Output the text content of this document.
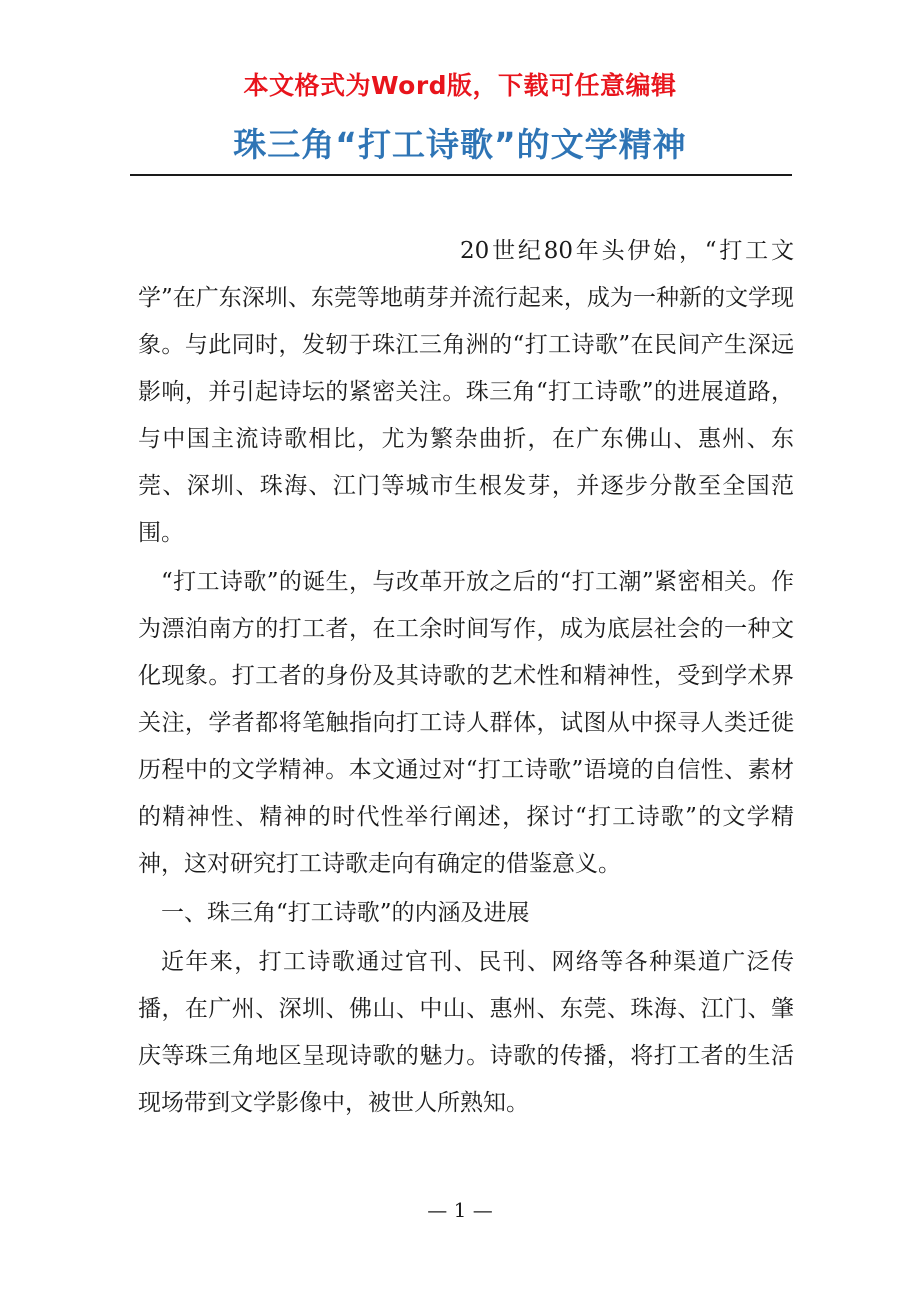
本文格式为Word版，下载可任意编辑
珠三角“打工诗歌”的文学精神

20世纪80年头伊始，“打工文学”在广东深圳、东莞等地萌芽并流行起来，成为一种新的文学现象。与此同时，发轫于珠江三角洲的“打工诗歌”在民间产生深远影响，并引起诗坛的紧密关注。珠三角“打工诗歌”的进展道路，与中国主流诗歌相比，尤为繁杂曲折，在广东佛山、惠州、东莞、深圳、珠海、江门等城市生根发芽，并逐步分散至全国范围。

“打工诗歌”的诞生，与改革开放之后的“打工潮”紧密相关。作为漂泊南方的打工者，在工余时间写作，成为底层社会的一种文化现象。打工者的身份及其诗歌的艺术性和精神性，受到学术界关注，学者都将笔触指向打工诗人群体，试图从中探寻人类迁徙历程中的文学精神。本文通过对“打工诗歌”语境的自信性、素材的精神性、精神的时代性举行阐述，探讨“打工诗歌”的文学精神，这对研究打工诗歌走向有确定的借鉴意义。

一、珠三角“打工诗歌”的内涵及进展

近年来，打工诗歌通过官刊、民刊、网络等各种渠道广泛传播，在广州、深圳、佛山、中山、惠州、东莞、珠海、江门、肇庆等珠三角地区呈现诗歌的魅力。诗歌的传播，将打工者的生活现场带到文学影像中，被世人所熟知。

— 1 —
